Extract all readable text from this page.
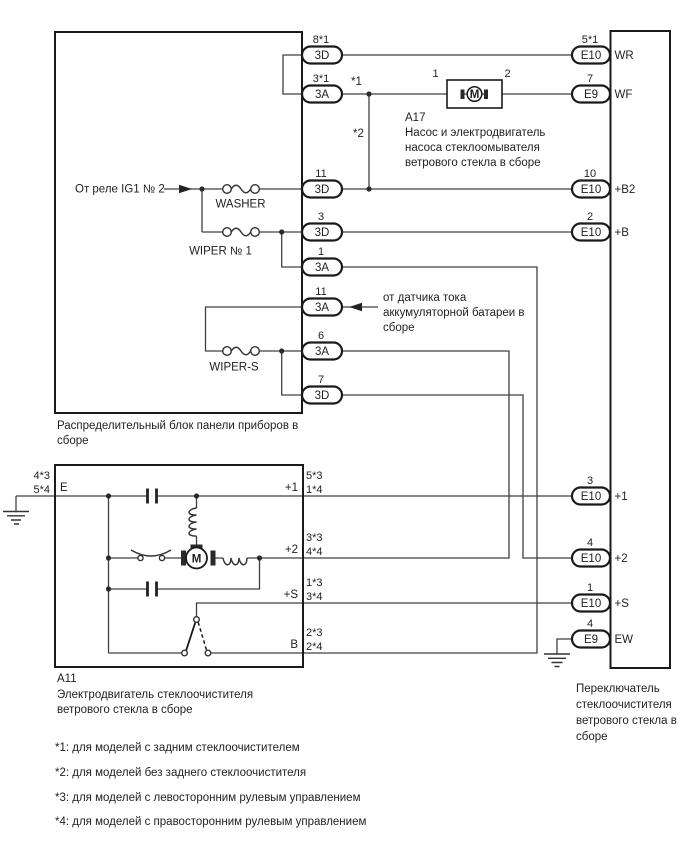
M
M
8*1
3*1
11
3
1
11
6
7
3D
3A
3D
3D
3A
3A
3A
3D
5*1
7
10
2
3
4
1
4
E10
E9
E10
E10
E10
E10
E10
E9
WR
WF
+B2
+B
+1
+2
+S
EW
От реле IG1 № 2
WASHER
WIPER № 1
WIPER-S
*1
*2
от датчика тока
аккумуляторной батареи в
сборе
1	2
A17
Насос и электродвигатель
насоса стеклоомывателя
ветрового стекла в сборе
Распределительный блок панели приборов в
сборе
4*3
5*4 E	+1
5*3
1*4
+2
3*3
4*4
+S
1*3
3*4
B
2*3
2*4
A11
Электродвигатель стеклоочистителя
ветрового стекла в сборе
Переключатель
стеклоочистителя
ветрового стекла в
сборе
*1: для моделей с задним стеклоочистителем
*2: для моделей без заднего стеклоочистителя
*3: для моделей с левосторонним рулевым управлением
*4: для моделей с правосторонним рулевым управлением
